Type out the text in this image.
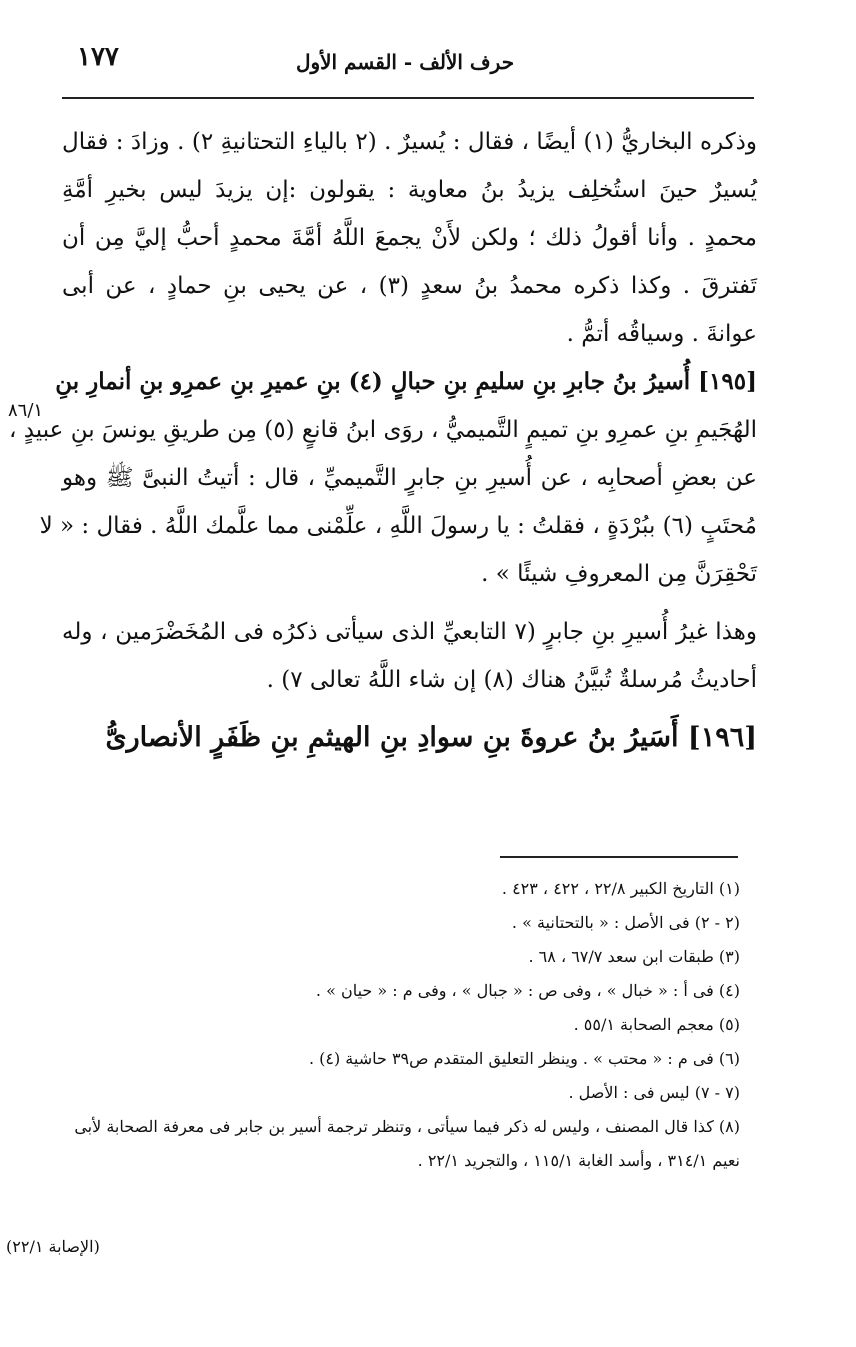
١٧٧	حرف الألف - القسم الأول
وذكره البخاريُّ (١) أيضًا ، فقال : يُسيرٌ . (٢ بالياءِ التحتانيةِ ٢) . وزادَ : فقال
يُسيرٌ حينَ استُخلِف يزيدُ بنُ معاوية : يقولون :إن يزيدَ ليس بخيرِ أمَّةِ
محمدٍ . وأنا أقولُ ذلك ؛ ولكن لأَنْ يجمعَ اللَّهُ أمَّةَ محمدٍ أحبُّ إليَّ مِن أن
تَفترقَ . وكذا ذكره محمدُ بنُ سعدٍ (٣) ، عن يحيى بنِ حمادٍ ، عن أبى
عوانةَ . وسياقُه أتمُّ .
[١٩٥] أُسيرُ بنُ جابرِ بنِ سليمِ بنِ حبالٍ (٤) بنِ عميرِ بنِ عمرِو بنِ أنمارِ بنِ
الهُجَيمِ بنِ عمرِو بنِ تميمٍ التَّميميُّ ، روَى ابنُ قانعٍ (٥) مِن طريقِ يونسَ بنِ عبيدٍ ،
عن بعضِ أصحابِه ، عن أُسيرِ بنِ جابرٍ التَّميميِّ ، قال : أتيتُ النبىَّ ﷺ وهو
مُحتَبٍ (٦) ببُرْدَةٍ ، فقلتُ : يا رسولَ اللَّهِ ، علِّمْنى مما علَّمك اللَّهُ . فقال : « لا
تَحْقِرَنَّ مِن المعروفِ شيئًا » .
وهذا غيرُ أُسيرِ بنِ جابرٍ (٧ التابعيِّ الذى سيأتى ذكرُه فى المُخَضْرَمين ، وله
أحاديثُ مُرسلةٌ تُبيَّنُ هناك (٨) إن شاء اللَّهُ تعالى ٧) .
[١٩٦] أَسَيرُ بنُ عروةَ بنِ سوادِ بنِ الهيثمِ بنِ ظَفَرٍ الأنصارىُّ
٨٦/١
(١) التاريخ الكبير ٢٢/٨ ، ٤٢٢ ، ٤٢٣ .
(٢ - ٢) فى الأصل : « بالتحتانية » .
(٣) طبقات ابن سعد ٦٧/٧ ، ٦٨ .
(٤) فى أ : « خبال » ، وفى ص : « جبال » ، وفى م : « حيان » .
(٥) معجم الصحابة ٥٥/١ .
(٦) فى م : « محتب » . وينظر التعليق المتقدم ص٣٩ حاشية (٤) .
(٧ - ٧) ليس فى : الأصل .
(٨) كذا قال المصنف ، وليس له ذكر فيما سيأتى ، وتنظر ترجمة أسير بن جابر فى معرفة الصحابة لأبى
نعيم ٣١٤/١ ، وأسد الغابة ١١٥/١ ، والتجريد ٢٢/١ .
(الإصابة ٢٢/١)
